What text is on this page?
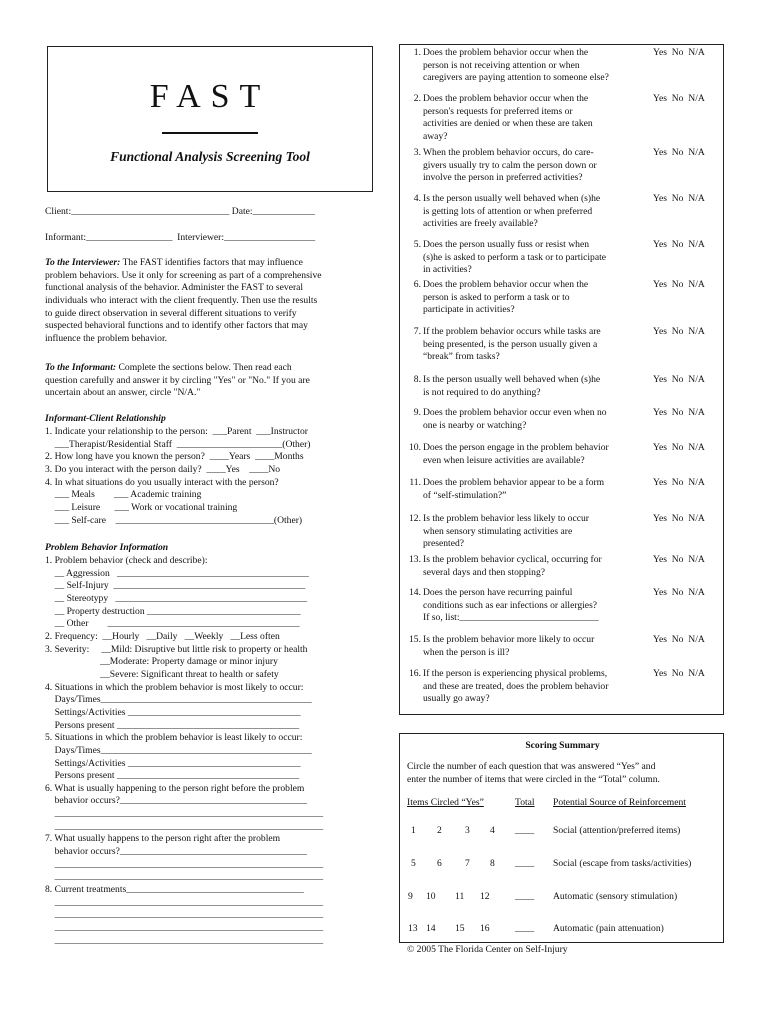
FAST
Functional Analysis Screening Tool
Client:_________________________________ Date:_____________
Informant:__________________  Interviewer:___________________
To the Interviewer: The FAST identifies factors that may influence
problem behaviors. Use it only for screening as part of a comprehensive
functional analysis of the behavior. Administer the FAST to several
individuals who interact with the client frequently. Then use the results
to guide direct observation in several different situations to verify
suspected behavioral functions and to identify other factors that may
influence the problem behavior.
To the Informant: Complete the sections below. Then read each
question carefully and answer it by circling "Yes" or "No." If you are
uncertain about an answer, circle "N/A."
Informant-Client Relationship
1. Indicate your relationship to the person:  ___Parent  ___Instructor
___Therapist/Residential Staff  ______________________(Other)
2. How long have you known the person?  ____Years  ____Months
3. Do you interact with the person daily?  ____Yes    ____No
4. In what situations do you usually interact with the person?
___ Meals        ___ Academic training
___ Leisure      ___ Work or vocational training
___ Self-care    _________________________________(Other)
Problem Behavior Information
1. Problem behavior (check and describe):
__ Aggression   ________________________________________
__ Self-Injury  ________________________________________
__ Stereotypy   ________________________________________
__ Property destruction ________________________________
__ Other        ________________________________________
2. Frequency:  __Hourly   __Daily   __Weekly   __Less often
3. Severity:     __Mild: Disruptive but little risk to property or health
__Moderate: Property damage or minor injury
__Severe: Significant threat to health or safety
4. Situations in which the problem behavior is most likely to occur:
Days/Times____________________________________________
Settings/Activities ____________________________________
Persons present ______________________________________
5. Situations in which the problem behavior is least likely to occur:
Days/Times____________________________________________
Settings/Activities ____________________________________
Persons present ______________________________________
6. What is usually happening to the person right before the problem
behavior occurs?_______________________________________
________________________________________________________
________________________________________________________
7. What usually happens to the person right after the problem
behavior occurs?_______________________________________
________________________________________________________
________________________________________________________
8. Current treatments_____________________________________
________________________________________________________
________________________________________________________
________________________________________________________
________________________________________________________
1. Does the problem behavior occur when the
person is not receiving attention or when
caregivers are paying attention to someone else?
Yes  No  N/A
2. Does the problem behavior occur when the
person's requests for preferred items or
activities are denied or when these are taken
away?
Yes  No  N/A
3. When the problem behavior occurs, do care-
givers usually try to calm the person down or
involve the person in preferred activities?
Yes  No  N/A
4. Is the person usually well behaved when (s)he
is getting lots of attention or when preferred
activities are freely available?
Yes  No  N/A
5. Does the person usually fuss or resist when
(s)he is asked to perform a task or to participate
in activities?
Yes  No  N/A
6. Does the problem behavior occur when the
person is asked to perform a task or to
participate in activities?
Yes  No  N/A
7. If the problem behavior occurs while tasks are
being presented, is the person usually given a
“break” from tasks?
Yes  No  N/A
8. Is the person usually well behaved when (s)he
is not required to do anything?
Yes  No  N/A
9. Does the problem behavior occur even when no
one is nearby or watching?
Yes  No  N/A
10. Does the person engage in the problem behavior
even when leisure activities are available?
Yes  No  N/A
11. Does the problem behavior appear to be a form
of “self-stimulation?”
Yes  No  N/A
12. Is the problem behavior less likely to occur
when sensory stimulating activities are
presented?
Yes  No  N/A
13. Is the problem behavior cyclical, occurring for
several days and then stopping?
Yes  No  N/A
14. Does the person have recurring painful
conditions such as ear infections or allergies?
If so, list:_____________________________
Yes  No  N/A
15. Is the problem behavior more likely to occur
when the person is ill?
Yes  No  N/A
16. If the person is experiencing physical problems,
and these are treated, does the problem behavior
usually go away?
Yes  No  N/A
Scoring Summary
Circle the number of each question that was answered “Yes” and
enter the number of items that were circled in the “Total” column.
Items Circled “Yes”	Total Potential Source of Reinforcement
1 2 3 4 ____ Social (attention/preferred items)
5 6 7 8 ____ Social (escape from tasks/activities)
9 10 11 12	____ Automatic (sensory stimulation)
13 14 15 16	____ Automatic (pain attenuation)
© 2005 The Florida Center on Self-Injury
